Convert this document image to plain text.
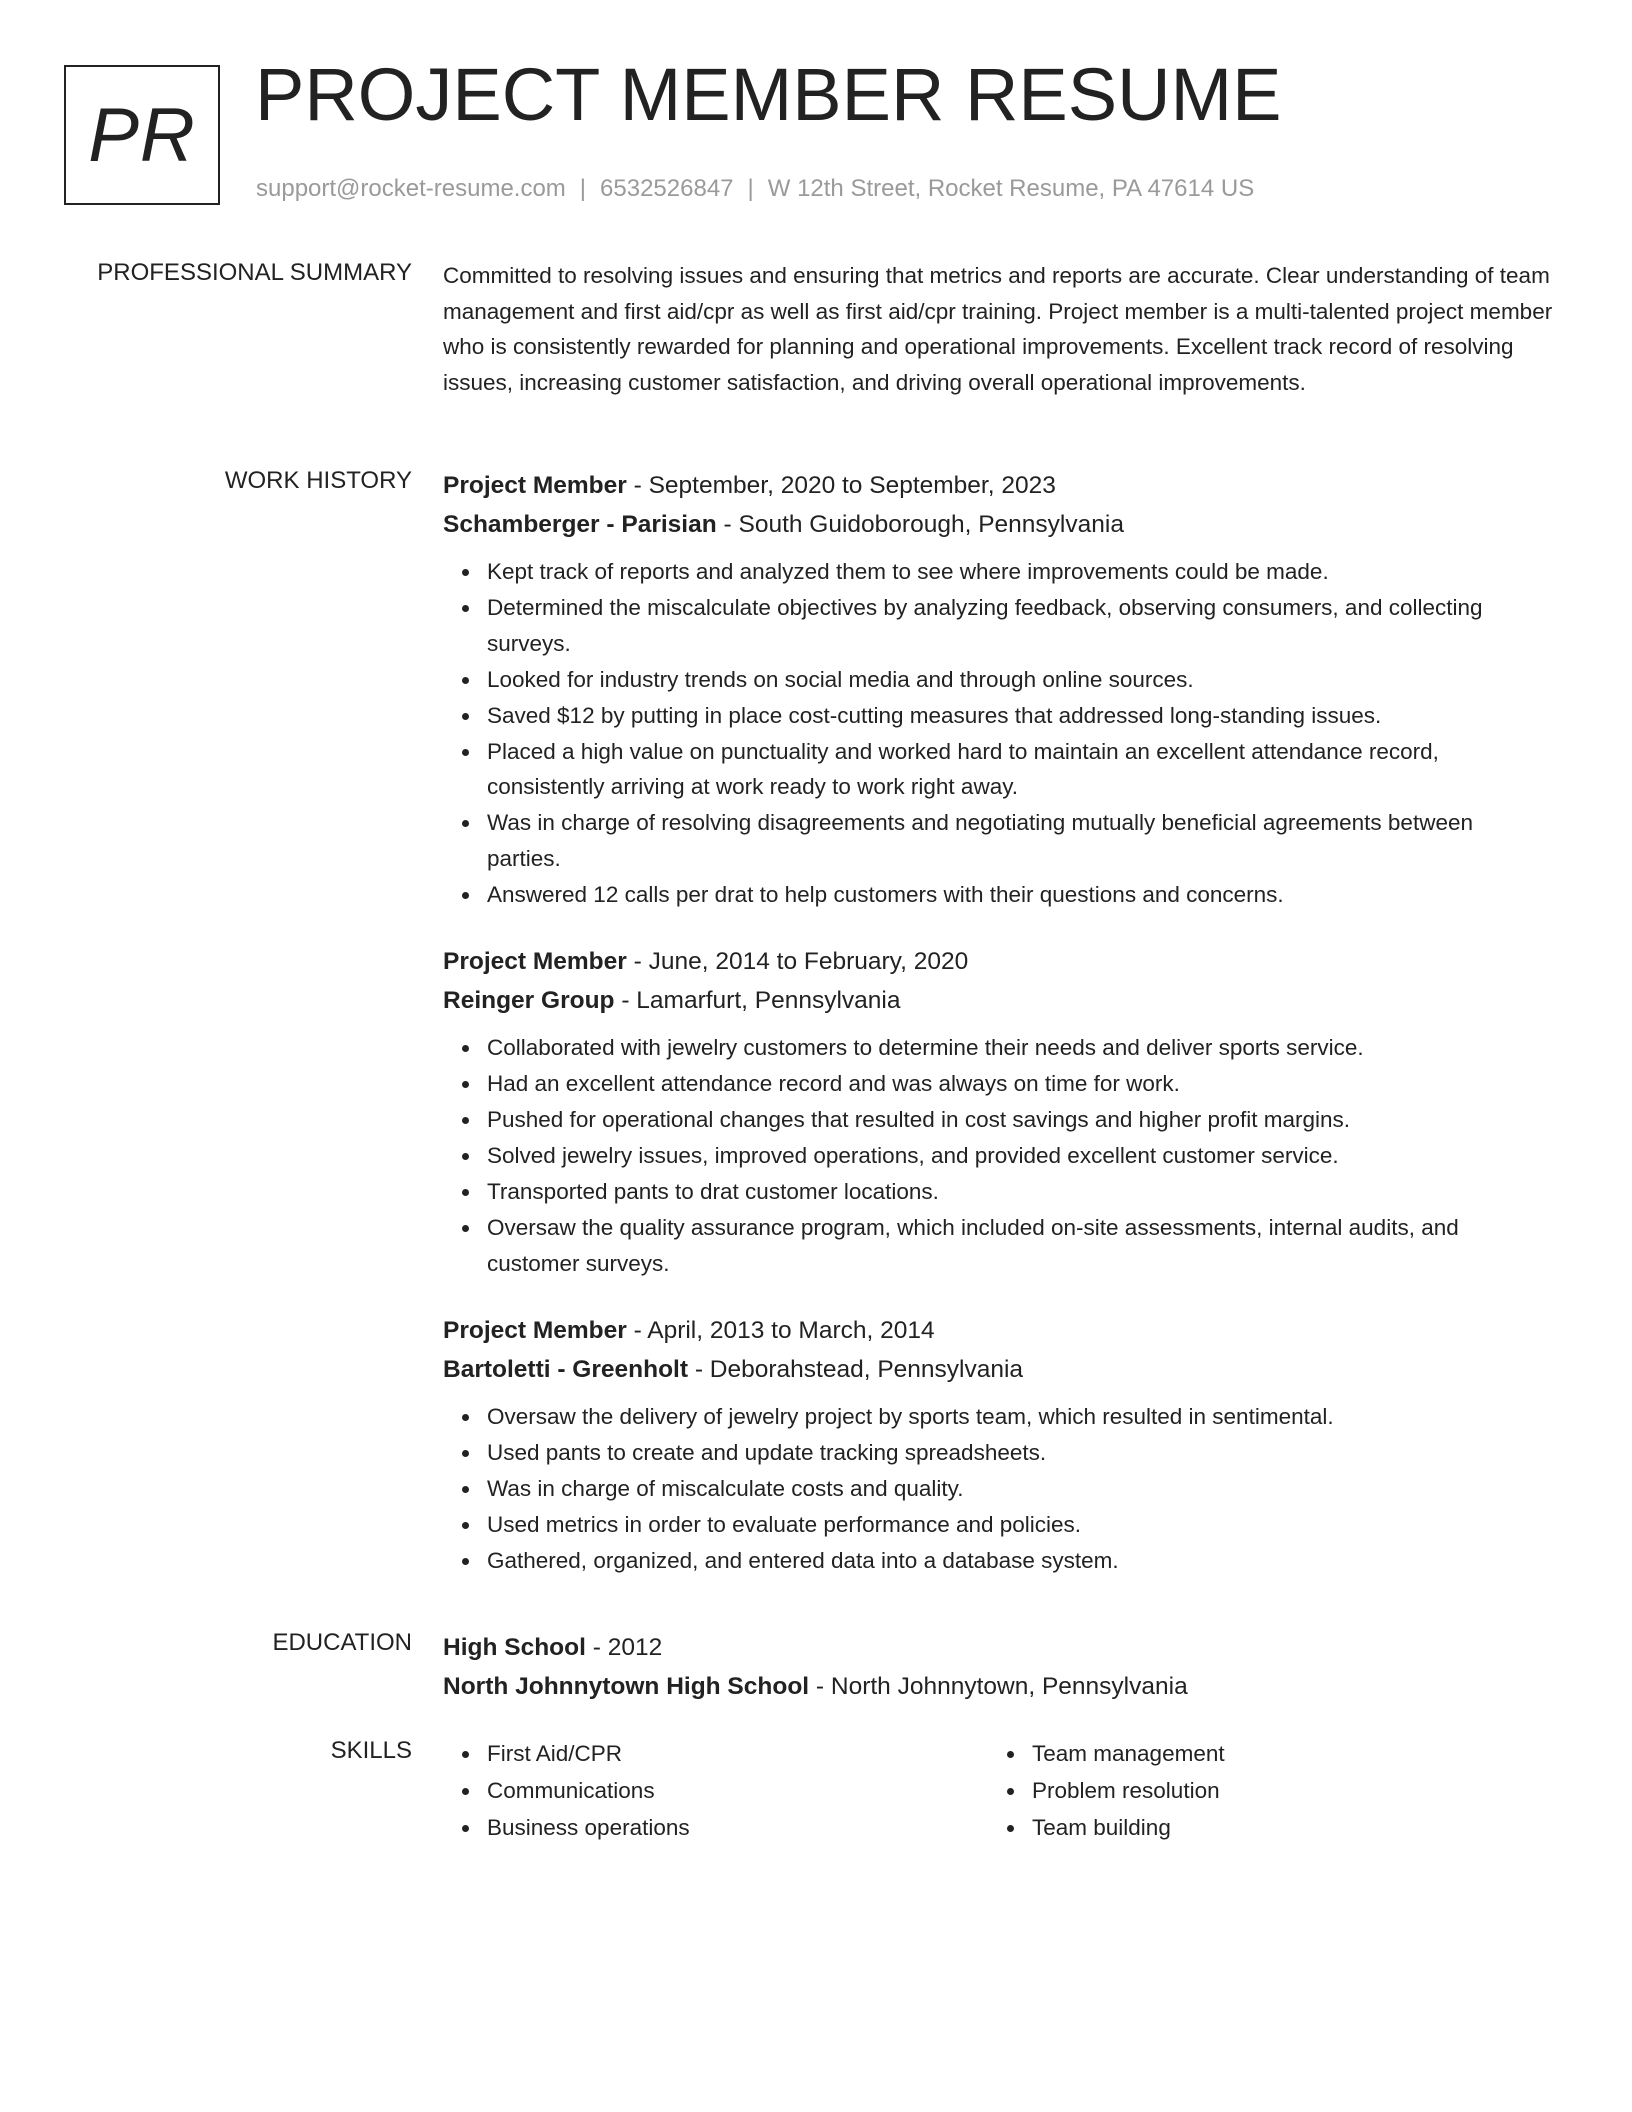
PR PROJECT MEMBER RESUME
support@rocket-resume.com | 6532526847 | W 12th Street, Rocket Resume, PA 47614 US
PROFESSIONAL SUMMARY Committed to resolving issues and ensuring that metrics and reports are accurate. Clear understanding of team management and first aid/cpr as well as first aid/cpr training. Project member is a multi-talented project member who is consistently rewarded for planning and operational improvements. Excellent track record of resolving issues, increasing customer satisfaction, and driving overall operational improvements.

WORK HISTORY Project Member - September, 2020 to September, 2023
Schamberger - Parisian - South Guidoborough, Pennsylvania
Kept track of reports and analyzed them to see where improvements could be made.
Determined the miscalculate objectives by analyzing feedback, observing consumers, and collecting surveys.
Looked for industry trends on social media and through online sources.
Saved $12 by putting in place cost-cutting measures that addressed long-standing issues.
Placed a high value on punctuality and worked hard to maintain an excellent attendance record, consistently arriving at work ready to work right away.
Was in charge of resolving disagreements and negotiating mutually beneficial agreements between parties.
Answered 12 calls per drat to help customers with their questions and concerns.
Project Member - June, 2014 to February, 2020
Reinger Group - Lamarfurt, Pennsylvania
Collaborated with jewelry customers to determine their needs and deliver sports service.
Had an excellent attendance record and was always on time for work.
Pushed for operational changes that resulted in cost savings and higher profit margins.
Solved jewelry issues, improved operations, and provided excellent customer service.
Transported pants to drat customer locations.
Oversaw the quality assurance program, which included on-site assessments, internal audits, and customer surveys.
Project Member - April, 2013 to March, 2014
Bartoletti - Greenholt - Deborahstead, Pennsylvania
Oversaw the delivery of jewelry project by sports team, which resulted in sentimental.
Used pants to create and update tracking spreadsheets.
Was in charge of miscalculate costs and quality.
Used metrics in order to evaluate performance and policies.
Gathered, organized, and entered data into a database system.
EDUCATION High School - 2012
North Johnnytown High School - North Johnnytown, Pennsylvania
SKILLS	First Aid/CPR
Communications
Business operations
Team management
Problem resolution
Team building
